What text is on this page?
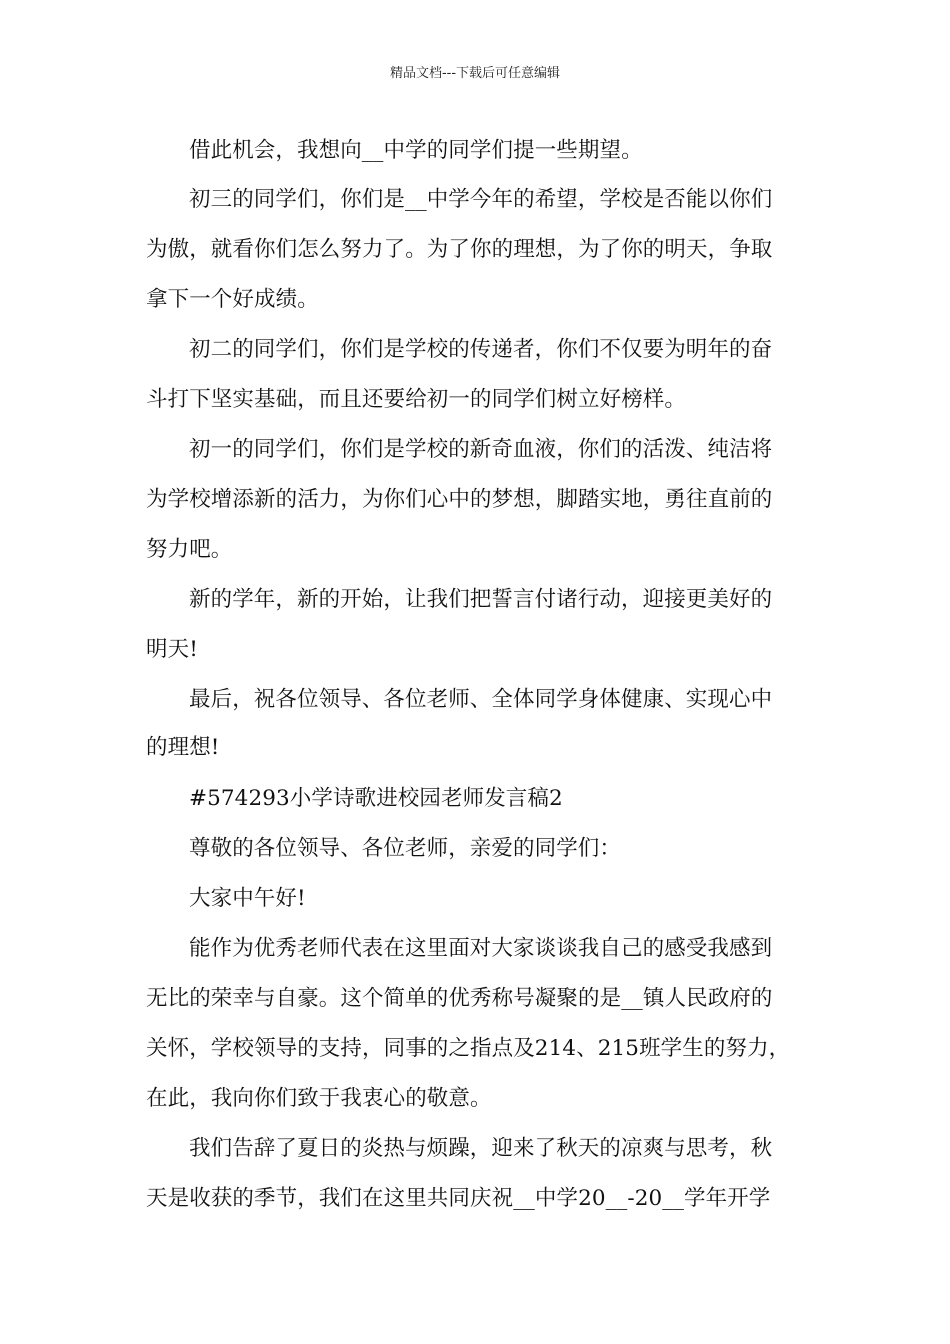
精品文档---下载后可任意编辑
借此机会，我想向__中学的同学们提一些期望。
初三的同学们，你们是__中学今年的希望，学校是否能以你们
为傲，就看你们怎么努力了。为了你的理想，为了你的明天，争取
拿下一个好成绩。
初二的同学们，你们是学校的传递者，你们不仅要为明年的奋
斗打下坚实基础，而且还要给初一的同学们树立好榜样。
初一的同学们，你们是学校的新奇血液，你们的活泼、纯洁将
为学校增添新的活力，为你们心中的梦想，脚踏实地，勇往直前的
努力吧。
新的学年，新的开始，让我们把誓言付诸行动，迎接更美好的
明天!
最后，祝各位领导、各位老师、全体同学身体健康、实现心中
的理想!
#574293小学诗歌进校园老师发言稿2
尊敬的各位领导、各位老师，亲爱的同学们：
大家中午好!
能作为优秀老师代表在这里面对大家谈谈我自己的感受我感到
无比的荣幸与自豪。这个简单的优秀称号凝聚的是__镇人民政府的
关怀，学校领导的支持，同事的之指点及214、215班学生的努力，
在此，我向你们致于我衷心的敬意。
我们告辞了夏日的炎热与烦躁，迎来了秋天的凉爽与思考，秋
天是收获的季节，我们在这里共同庆祝__中学20__-20__学年开学
